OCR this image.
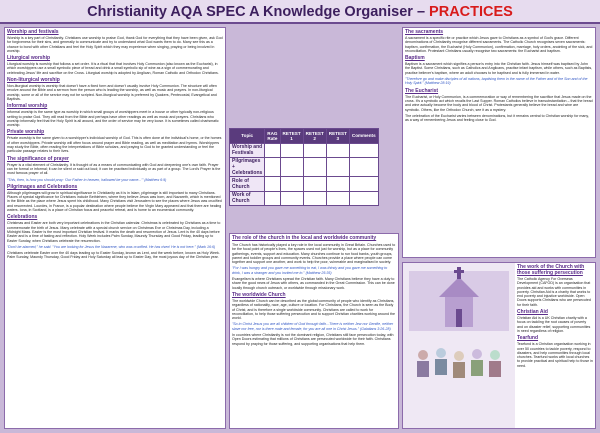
Christianity AQA SPEC A Knowledge Organiser – PRACTICES
Worship and festivals
Worship is a key part of Christianity. Christians use worship to praise God, thank God for everything that they have been given, ask God for forgiveness for their sins, and generally to communicate and try to understand what God wants them to do. Many see this as a chance to bond with other Christians and feel the Holy Spirit which they may experience when singing, praying or being involved in worship.
Liturgical worship
Liturgical worship is worship that follows a set order. It is a ritual that that involves Holy Communion (also known as the Eucharist), in which worshippers use a small symbolic piece of bread and drink a small symbolic sip of wine as a sign of commemorating and celebrating Jesus' life and sacrifice on the Cross. Liturgical worship is adopted by Anglican, Roman Catholic and Orthodox Christians.
Non-liturgical worship
Non-liturgical worship is worship that doesn't have a fixed form and doesn't usually involve Holy Communion. The structure will often revolve around the Bible and a sermon from the person who is leading the worship, as well as music and prayers. In non-liturgical worship, some or all of the service may not be scripted. Non-liturgical worship is preferred by Quakers, Pentecostal, Evangelical and Baptists.
Informal worship
Informal worship is the same type as worship in which small groups of worshippers meet in a house or other typically non-religious setting to praise God. They will read from the Bible and perhaps have other readings as well as music and prayers. Christians who worship informally feel that the Holy Spirit is all around, and the order of service may be very loose. It is sometimes called charismatic worship.
Private worship
Private worship is the same given to a worshipper's individual worship of God. This is often done at the individual's home, or the homes of other worshippers. Private worship will often focus around prayer and Bible reading, as well as meditation and hymns. Worshippers may study the Bible, often reading the interpretations of Bible scholars, and praying to God to be granted understanding or feel the particular passage relates to their lives.
The significance of prayer
Prayer is a vital element of Christianity. It is thought of as a means of communicating with God and deepening one's own faith. Prayer can be formal or informal; it can be silent or said out loud; it can be practised individually or as part of a group. The Lord's Prayer is the most famous prayer of all.
"This, then, is how you should pray: 'Our Father in heaven, hallowed be your name...'" (Matthew 6:9)
Pilgrimages and Celebrations
Although pilgrimages will grow in spiritual significance in Christianity as it is in Islam, pilgrimage is still important to many Christians. Places of special significance for Christians include Bethlehem, where they believe Jesus was born, and Nazareth, which is mentioned in the Bible as the place where Jesus spent his childhood. Many Christians visit Jerusalem to see the places where Jesus was crucified and resurrected. Lourdes, in France, is a popular destination where people believe the Virgin Mary appeared and that there are healing waters. Iona, in Scotland, is a place of Christian focus and peaceful retreat, and is home to an ecumenical community.
Celebrations
Christmas and Easter are both very important celebrations in the Christian calendar. Christmas is celebrated by Christians as a time to commemorate the birth of Jesus. Many celebrate with a special church service on Christmas Eve or Christmas Day, including a Midnight Mass. Easter is the most important Christian festival. It marks the death and resurrection of Jesus. Lent is the 40 days before Easter and is a time of fasting and reflection. Holy Week includes Palm Sunday, Maundy Thursday and Good Friday, leading up to Easter Sunday, when Christians celebrate the resurrection.
"Don't be alarmed," he said. "You are looking for Jesus the Nazarene, who was crucified. He has risen! He is not here." (Mark 16:6)
Christians celebrate Easter over the 40 days leading up to Easter Sunday, known as Lent, and the week before, known as Holy Week. Palm Sunday, Maundy Thursday, Good Friday and Holy Saturday all lead up to Easter Day, the most joyous day of the Christian year.
Topic	RAG Rate	RETEST 1	RETEST 2	RETEST 3	Comments
Worship and Festivals					
Pilgrimages + Celebrations					
Role of Church					
Work of Church					
The role of the church in the local and worldwide community
The Church has historically played a key role in the local community in Great Britain. Churches used to be the focal point of people's lives, the spaces used not just for worship, but as a place for community gatherings, events, support and education. Many churches continue to run food banks, youth groups, parent and toddler groups and community events. Churches provide a place where people can come together and support one another, and work to help the poor, vulnerable and marginalised in society.
"For I was hungry and you gave me something to eat, I was thirsty and you gave me something to drink, I was a stranger and you invited me in." (Matthew 25:35)
Evangelism is where Christians spread the Christian faith. Many Christians believe they have a duty to share the good news of Jesus with others, as commanded in the Great Commission. This can be done locally through church outreach, or worldwide through missionary work.
The worldwide Church
The worldwide Church can be described as the global community of people who identify as Christians, regardless of nationality, race, age, culture or location. For Christians, the Church is seen as the Body of Christ, and is therefore a single worldwide community. Christians are called to work for reconciliation, to help those suffering persecution and to support Christian charities working around the world.
"So in Christ Jesus you are all children of God through faith...There is neither Jew nor Gentile, neither slave nor free, nor is there male and female, for you are all one in Christ Jesus." (Galatians 3:26-28)
In countries where Christianity is not the dominant religion, Christians still face persecution today, with Open Doors estimating that millions of Christians are persecuted worldwide for their faith. Christians respond by praying for those suffering, and supporting organisations that help them.
The sacraments
A sacrament is a specific rite or practice which Jesus gave to Christians as a symbol of God's grace. Different denominations of Christianity recognise different sacraments. The Catholic Church recognises seven sacraments: baptism, confirmation, the Eucharist (Holy Communion), confirmation, marriage, holy orders, anointing of the sick, and reconciliation. Protestant Christians usually recognise two sacraments: the Eucharist and baptism.
Baptism
Baptism is a sacrament which signifies a person's entry into the Christian faith. Jesus himself was baptised by John the Baptist. Some Christians, such as Catholics and Anglicans, practise infant baptism, while others, such as Baptists, practise believer's baptism, where an adult chooses to be baptised and is fully immersed in water.
"Therefore go and make disciples of all nations, baptising them in the name of the Father and of the Son and of the Holy Spirit." (Matthew 28:19)
The Eucharist
The Eucharist, or Holy Communion, is a commemoration or way of remembering the sacrifice that Jesus made on the cross. It's a symbolic act which recalls the Last Supper. Roman Catholics believe in transubstantiation – that the bread and wine actually become the body and blood of Christ. Protestants generally believe the bread and wine are symbolic. Others, like the Orthodox Church, see it as a mystery.
The celebration of the Eucharist varies between denominations, but it remains central to Christian worship for many, as a way of remembering Jesus and feeling close to God.
The work of the Church with those suffering persecution
The Catholic Agency For Overseas Development (CAFOD) is an organisation that provides aid and works with communities in poverty. Christian Aid is a charity that works to end poverty and injustice worldwide. Open Doors supports Christians who are persecuted for their faith.
Christian Aid
Christian Aid is a UK Christian charity with a focus on tackling the root causes of poverty and on disaster relief, supporting communities in need regardless of religion.
Tearfund
Tearfund is a Christian organisation working in over 50 countries to tackle poverty, respond to disasters, and help communities through local churches. Tearfund works with local churches to provide practical and spiritual help to those in need.
